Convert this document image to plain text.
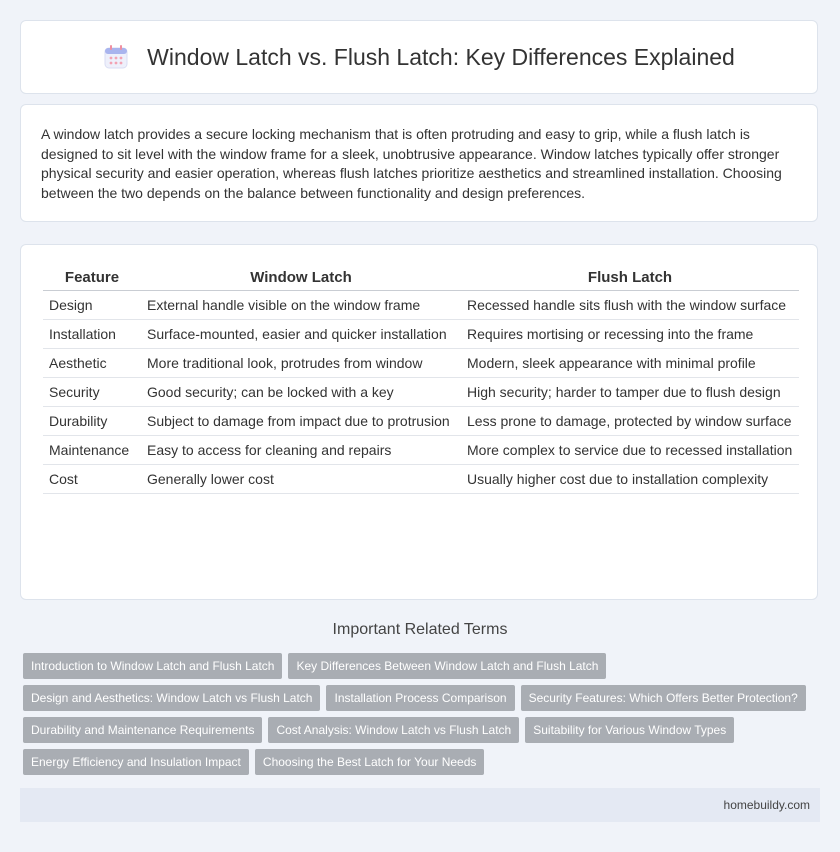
Window Latch vs. Flush Latch: Key Differences Explained

A window latch provides a secure locking mechanism that is often protruding and easy to grip, while a flush latch is designed to sit level with the window frame for a sleek, unobtrusive appearance. Window latches typically offer stronger physical security and easier operation, whereas flush latches prioritize aesthetics and streamlined installation. Choosing between the two depends on the balance between functionality and design preferences.

Feature	Window Latch	Flush Latch
Design	External handle visible on the window frame	Recessed handle sits flush with the window surface
Installation	Surface-mounted, easier and quicker installation	Requires mortising or recessing into the frame
Aesthetic	More traditional look, protrudes from window	Modern, sleek appearance with minimal profile
Security	Good security; can be locked with a key	High security; harder to tamper due to flush design
Durability	Subject to damage from impact due to protrusion	Less prone to damage, protected by window surface
Maintenance	Easy to access for cleaning and repairs	More complex to service due to recessed installation
Cost	Generally lower cost	Usually higher cost due to installation complexity
Important Related Terms
Introduction to Window Latch and Flush Latch Key Differences Between Window Latch and Flush Latch
Design and Aesthetics: Window Latch vs Flush Latch Installation Process Comparison Security Features: Which Offers Better Protection?
Durability and Maintenance Requirements Cost Analysis: Window Latch vs Flush Latch Suitability for Various Window Types
Energy Efficiency and Insulation Impact Choosing the Best Latch for Your Needs
homebuildy.com
